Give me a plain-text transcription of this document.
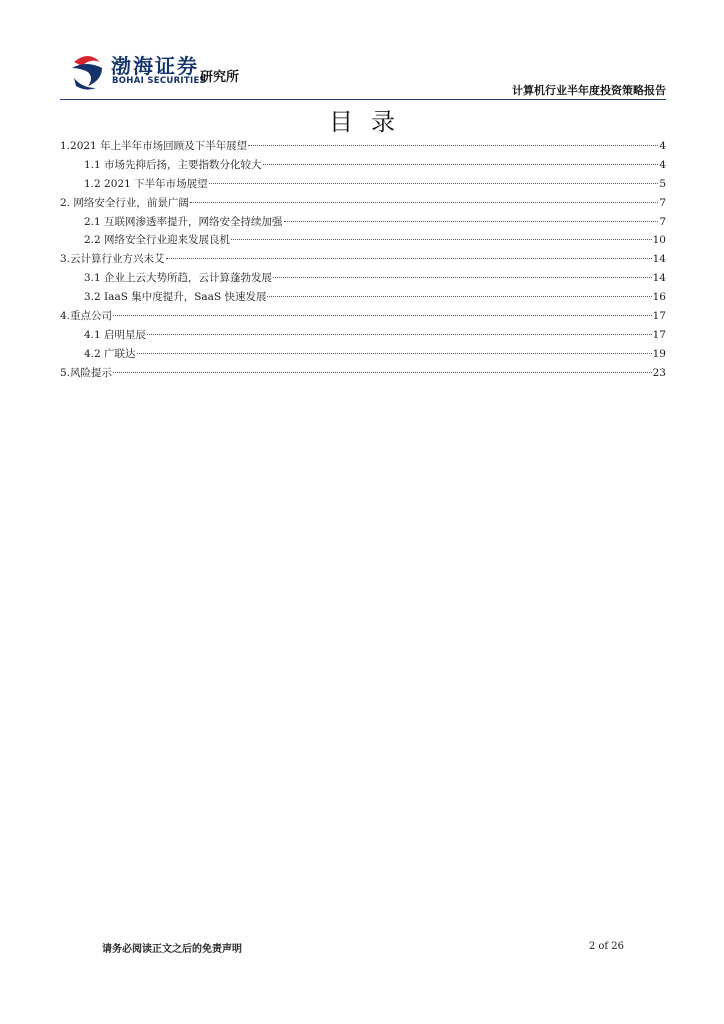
渤海证券
BOHAI SECURITIES
研究所
计算机行业半年度投资策略报告
目录
1.2021 年上半年市场回顾及下半年展望	4
1.1 市场先抑后扬，主要指数分化较大	4
1.2 2021 下半年市场展望	5
2. 网络安全行业，前景广阔	7
2.1 互联网渗透率提升，网络安全持续加强	7
2.2 网络安全行业迎来发展良机	10
3.云计算行业方兴未艾	14
3.1 企业上云大势所趋，云计算蓬勃发展	14
3.2 IaaS 集中度提升，SaaS 快速发展	16
4.重点公司	17
4.1 启明星辰	17
4.2 广联达	19
5.风险提示	23
请务必阅读正文之后的免责声明	2 of 26
